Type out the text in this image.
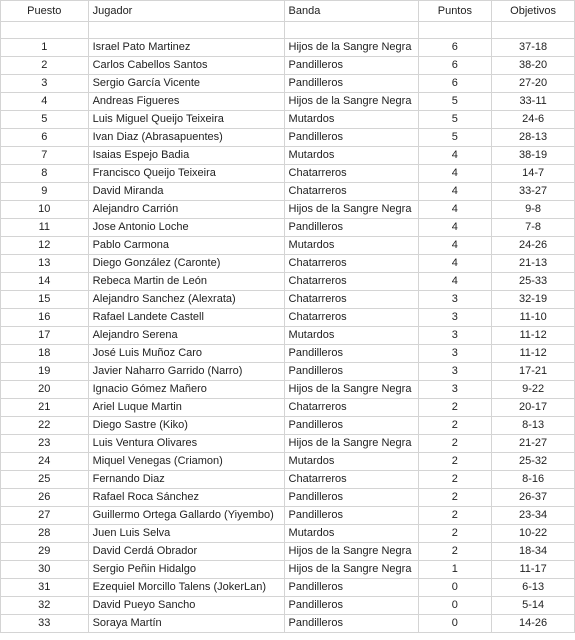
Puesto	Jugador	Banda	Puntos	Objetivos

1	Israel Pato Martinez	Hijos de la Sangre Negra	6	37-18
2	Carlos Cabellos Santos	Pandilleros	6	38-20
3	Sergio García Vicente	Pandilleros	6	27-20
4	Andreas Figueres	Hijos de la Sangre Negra	5	33-11
5	Luis Miguel Queijo Teixeira	Mutardos	5	24-6
6	Ivan Diaz (Abrasapuentes)	Pandilleros	5	28-13
7	Isaias Espejo Badia	Mutardos	4	38-19
8	Francisco Queijo Teixeira	Chatarreros	4	14-7
9	David Miranda	Chatarreros	4	33-27
10	Alejandro Carrión	Hijos de la Sangre Negra	4	9-8
11	Jose Antonio Loche	Pandilleros	4	7-8
12	Pablo Carmona	Mutardos	4	24-26
13	Diego González (Caronte)	Chatarreros	4	21-13
14	Rebeca Martin de León	Chatarreros	4	25-33
15	Alejandro Sanchez (Alexrata)	Chatarreros	3	32-19
16	Rafael Landete Castell	Chatarreros	3	11-10
17	Alejandro Serena	Mutardos	3	11-12
18	José Luis Muñoz Caro	Pandilleros	3	11-12
19	Javier Naharro Garrido (Narro)	Pandilleros	3	17-21
20	Ignacio Gómez Mañero	Hijos de la Sangre Negra	3	9-22
21	Ariel Luque Martin	Chatarreros	2	20-17
22	Diego Sastre (Kiko)	Pandilleros	2	8-13
23	Luis Ventura Olivares	Hijos de la Sangre Negra	2	21-27
24	Miquel Venegas (Criamon)	Mutardos	2	25-32
25	Fernando Diaz	Chatarreros	2	8-16
26	Rafael Roca Sánchez	Pandilleros	2	26-37
27	Guillermo Ortega Gallardo (Yiyembo)	Pandilleros	2	23-34
28	Juen Luis Selva	Mutardos	2	10-22
29	David Cerdá Obrador	Hijos de la Sangre Negra	2	18-34
30	Sergio Peñin Hidalgo	Hijos de la Sangre Negra	1	11-17
31	Ezequiel Morcillo Talens (JokerLan)	Pandilleros	0	6-13
32	David Pueyo Sancho	Pandilleros	0	5-14
33	Soraya Martín	Pandilleros	0	14-26
